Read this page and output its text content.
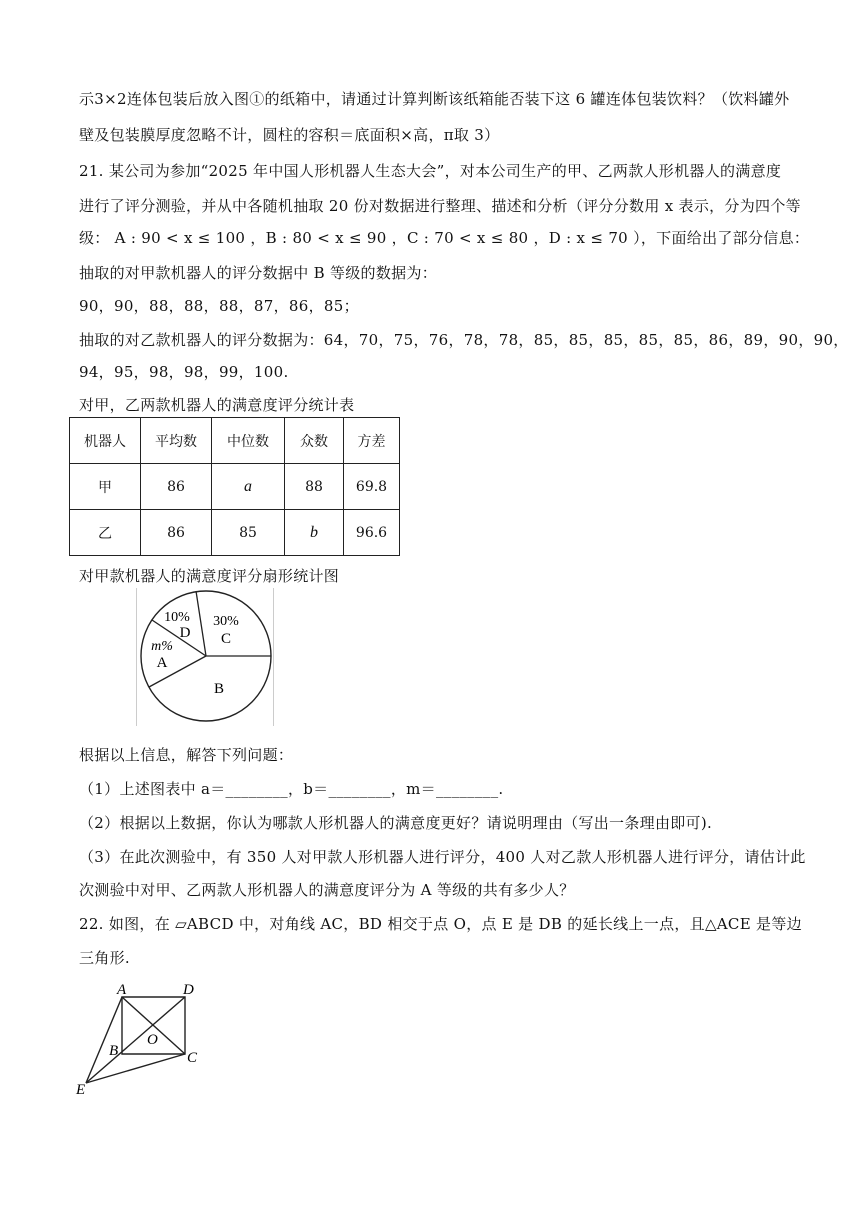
示3×2连体包装后放入图①的纸箱中，请通过计算判断该纸箱能否装下这 6 罐连体包装饮料？（饮料罐外
壁及包装膜厚度忽略不计，圆柱的容积＝底面积×高，π取 3）
21. 某公司为参加“2025 年中国人形机器人生态大会”，对本公司生产的甲、乙两款人形机器人的满意度
进行了评分测验，并从中各随机抽取 20 份对数据进行整理、描述和分析（评分分数用 x 表示，分为四个等
级： A : 90 < x ≤ 100 ，B : 80 < x ≤ 90 ，C : 70 < x ≤ 80 ，D : x ≤ 70 ），下面给出了部分信息：
抽取的对甲款机器人的评分数据中 B 等级的数据为：
90，90，88，88，88，87，86，85；
抽取的对乙款机器人的评分数据为：64，70，75，76，78，78，85，85，85，85，85，86，89，90，90，
94，95，98，98，99，100.
对甲，乙两款机器人的满意度评分统计表
机器人	平均数	中位数	众数	方差
甲	86	a	88	69.8
乙	86	85	b	96.6
对甲款机器人的满意度评分扇形统计图
30%
C
B
m%
A
10%
D
根据以上信息，解答下列问题：
（1）上述图表中 a＝________，b＝________，m＝________.
（2）根据以上数据，你认为哪款人形机器人的满意度更好？请说明理由（写出一条理由即可).
（3）在此次测验中，有 350 人对甲款人形机器人进行评分，400 人对乙款人形机器人进行评分，请估计此
次测验中对甲、乙两款人形机器人的满意度评分为 A 等级的共有多少人？
22. 如图，在 ▱ABCD 中，对角线 AC，BD 相交于点 O，点 E 是 DB 的延长线上一点，且△ACE 是等边
三角形.
A	D
B	C
O
E
